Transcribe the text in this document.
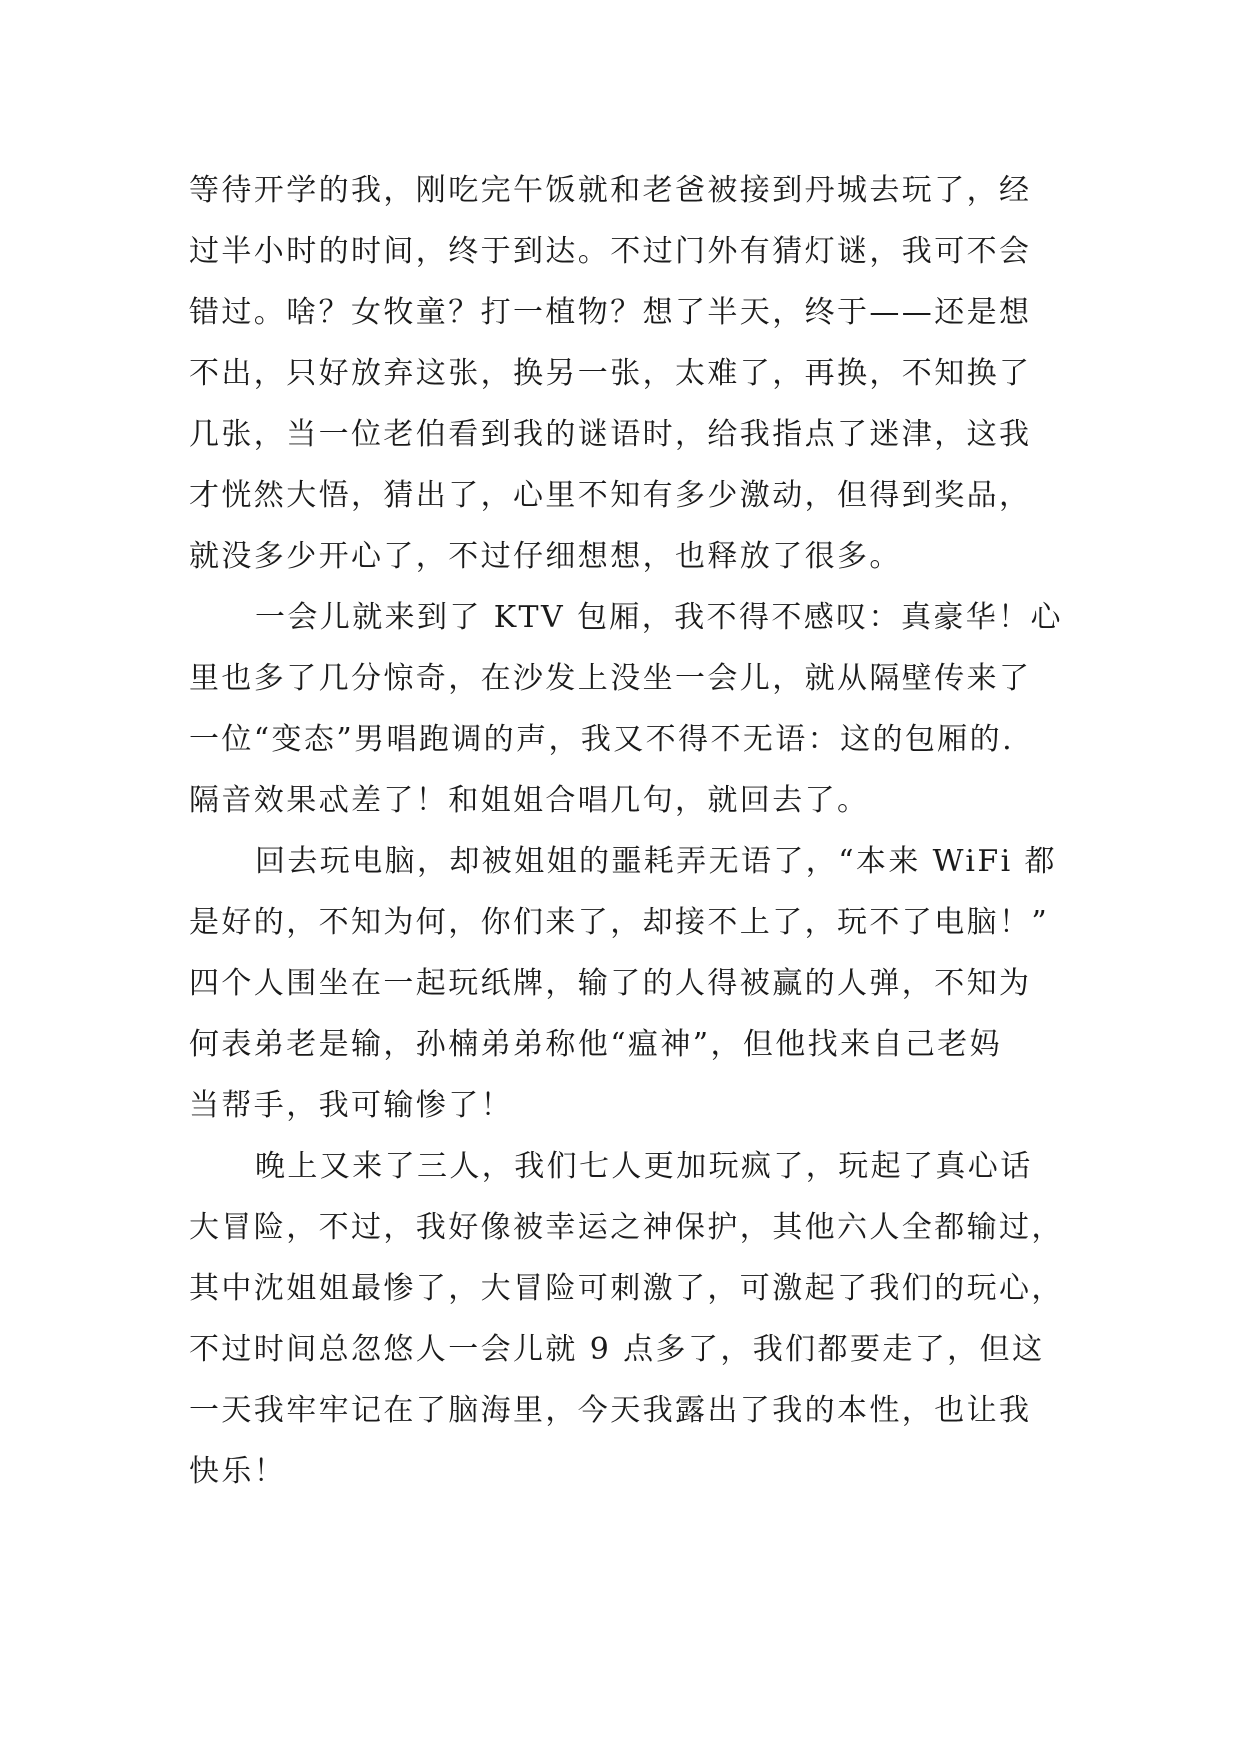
等待开学的我，刚吃完午饭就和老爸被接到丹城去玩了，经
过半小时的时间，终于到达。不过门外有猜灯谜，我可不会
错过。啥？女牧童？打一植物？想了半天，终于——还是想
不出，只好放弃这张，换另一张，太难了，再换，不知换了
几张，当一位老伯看到我的谜语时，给我指点了迷津，这我
才恍然大悟，猜出了，心里不知有多少激动，但得到奖品，
就没多少开心了，不过仔细想想，也释放了很多。
一会儿就来到了 KTV 包厢，我不得不感叹：真豪华！心
里也多了几分惊奇，在沙发上没坐一会儿，就从隔壁传来了
一位“变态”男唱跑调的声，我又不得不无语：这的包厢的.
隔音效果忒差了！和姐姐合唱几句，就回去了。
回去玩电脑，却被姐姐的噩耗弄无语了，“本来 WiFi 都
是好的，不知为何，你们来了，却接不上了，玩不了电脑！”
四个人围坐在一起玩纸牌，输了的人得被赢的人弹，不知为
何表弟老是输，孙楠弟弟称他“瘟神”，但他找来自己老妈
当帮手，我可输惨了！
晚上又来了三人，我们七人更加玩疯了，玩起了真心话
大冒险，不过，我好像被幸运之神保护，其他六人全都输过，
其中沈姐姐最惨了，大冒险可刺激了，可激起了我们的玩心，
不过时间总忽悠人一会儿就 9 点多了，我们都要走了，但这
一天我牢牢记在了脑海里，今天我露出了我的本性，也让我
快乐！
